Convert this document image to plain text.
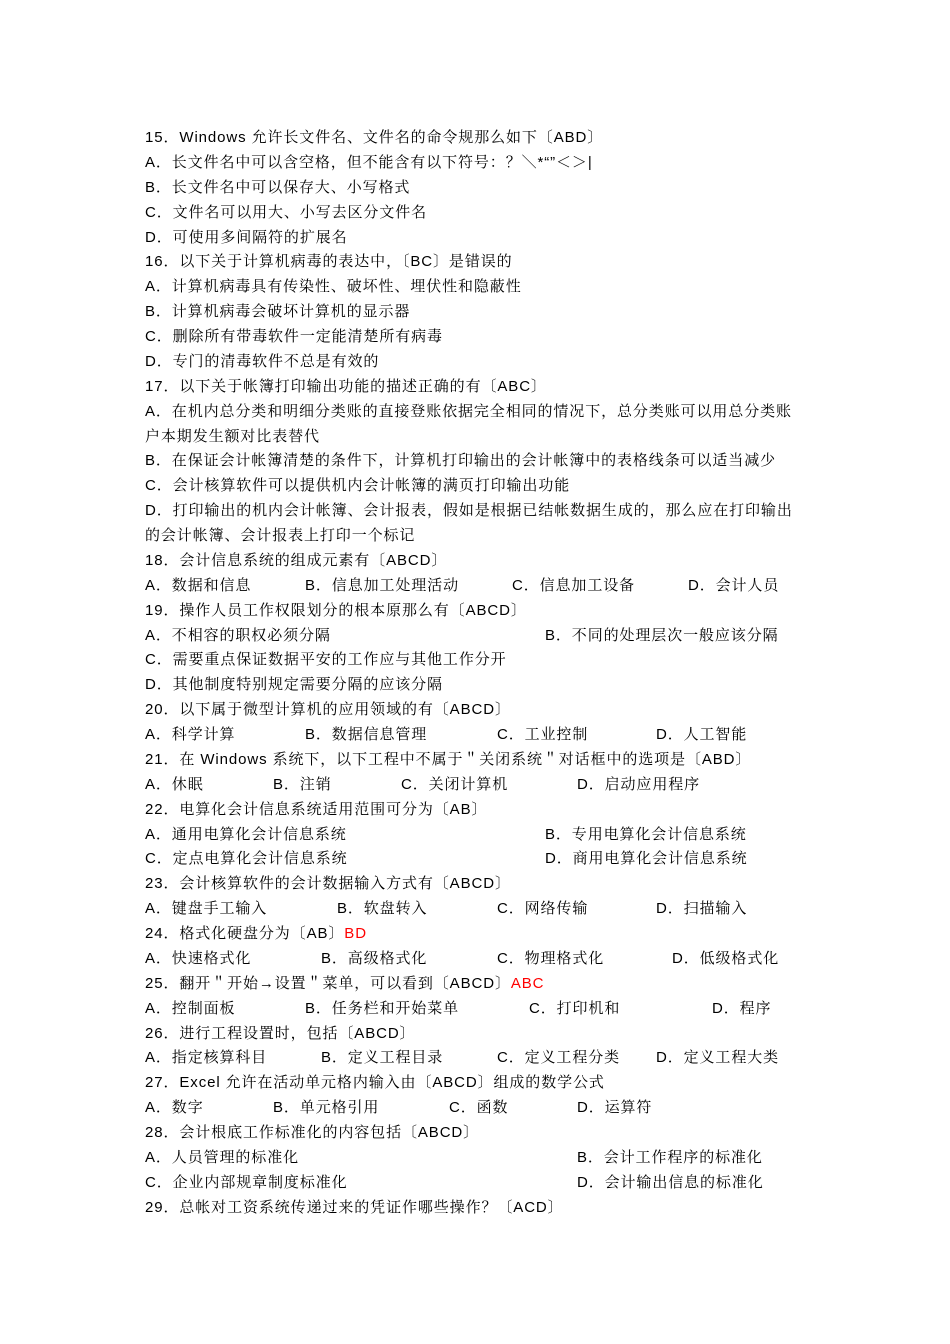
15．Windows 允许长文件名、文件名的命令规那么如下〔ABD〕
A．长文件名中可以含空格，但不能含有以下符号：？＼*“”＜＞|
B．长文件名中可以保存大、小写格式
C．文件名可以用大、小写去区分文件名
D．可使用多间隔符的扩展名
16．以下关于计算机病毒的表达中，〔BC〕是错误的
A．计算机病毒具有传染性、破坏性、埋伏性和隐蔽性
B．计算机病毒会破坏计算机的显示器
C．删除所有带毒软件一定能清楚所有病毒
D．专门的清毒软件不总是有效的
17．以下关于帐簿打印输出功能的描述正确的有〔ABC〕
A．在机内总分类和明细分类账的直接登账依据完全相同的情况下，总分类账可以用总分类账
户本期发生额对比表替代
B．在保证会计帐簿清楚的条件下，计算机打印输出的会计帐簿中的表格线条可以适当减少
C．会计核算软件可以提供机内会计帐簿的满页打印输出功能
D．打印输出的机内会计帐簿、会计报表，假如是根据已结帐数据生成的，那么应在打印输出
的会计帐簿、会计报表上打印一个标记
18．会计信息系统的组成元素有〔ABCD〕
A．数据和信息	B．信息加工处理活动	C．信息加工设备	D．会计人员
19．操作人员工作权限划分的根本原那么有〔ABCD〕
A．不相容的职权必须分隔	B．不同的处理层次一般应该分隔
C．需要重点保证数据平安的工作应与其他工作分开
D．其他制度特别规定需要分隔的应该分隔
20．以下属于微型计算机的应用领域的有〔ABCD〕
A．科学计算	B．数据信息管理	C．工业控制	D．人工智能
21．在 Windows 系统下，以下工程中不属于＂关闭系统＂对话框中的选项是〔ABD〕
A．休眠	B．注销	C．关闭计算机	D．启动应用程序
22．电算化会计信息系统适用范围可分为〔AB〕
A．通用电算化会计信息系统	B．专用电算化会计信息系统
C．定点电算化会计信息系统	D．商用电算化会计信息系统
23．会计核算软件的会计数据输入方式有〔ABCD〕
A．键盘手工输入	B．软盘转入	C．网络传输	D．扫描输入
24．格式化硬盘分为〔AB〕BD
A．快速格式化	B．高级格式化	C．物理格式化	D．低级格式化
25．翻开＂开始→设置＂菜单，可以看到〔ABCD〕ABC
A．控制面板	B．任务栏和开始菜单	C．打印机和	D．程序
26．进行工程设置时，包括〔ABCD〕
A．指定核算科目	B．定义工程目录	C．定义工程分类 D．定义工程大类
27．Excel 允许在活动单元格内输入由〔ABCD〕组成的数学公式
A．数字	B．单元格引用	C．函数	D．运算符
28．会计根底工作标准化的内容包括〔ABCD〕
A．人员管理的标准化	B．会计工作程序的标准化
C．企业内部规章制度标准化	D．会计输出信息的标准化
29．总帐对工资系统传递过来的凭证作哪些操作？〔ACD〕
